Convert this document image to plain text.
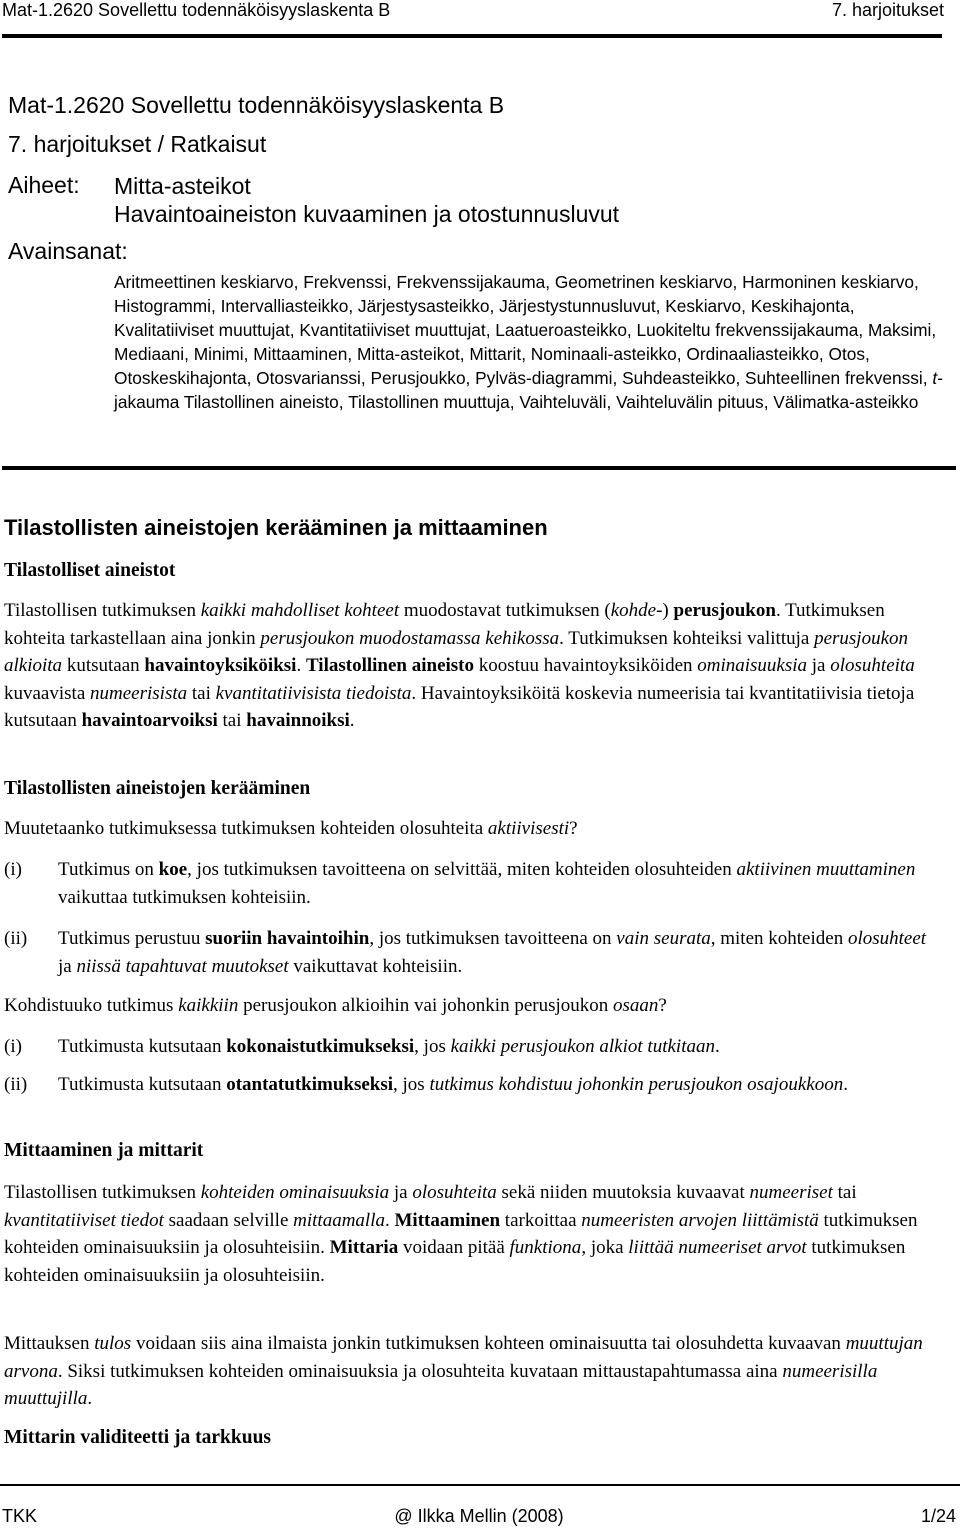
Mat-1.2620 Sovellettu todennäköisyyslaskenta B	7. harjoitukset
Mat-1.2620 Sovellettu todennäköisyyslaskenta B
7. harjoitukset / Ratkaisut
Aiheet: Mitta-asteikot
Havaintoaineiston kuvaaminen ja otostunnusluvut
Avainsanat:
Aritmeettinen keskiarvo, Frekvenssi, Frekvenssijakauma, Geometrinen keskiarvo, Harmoninen keskiarvo, Histogrammi, Intervalliasteikko, Järjestysasteikko, Järjestystunnusluvut, Keskiarvo, Keskihajonta, Kvalitatiiviset muuttujat, Kvantitatiiviset muuttujat, Laatueroasteikko, Luokiteltu frekvenssijakauma, Maksimi, Mediaani, Minimi, Mittaaminen, Mitta-asteikot, Mittarit, Nominaali-asteikko, Ordinaaliasteikko, Otos, Otoskeskihajonta, Otosvarianssi, Perusjoukko, Pylväs-diagrammi, Suhdeasteikko, Suhteellinen frekvenssi, t-jakauma Tilastollinen aineisto, Tilastollinen muuttuja, Vaihteluväli, Vaihteluvälin pituus, Välimatka-asteikko
Tilastollisten aineistojen kerääminen ja mittaaminen
Tilastolliset aineistot
Tilastollisen tutkimuksen kaikki mahdolliset kohteet muodostavat tutkimuksen (kohde-) perusjoukon. Tutkimuksen kohteita tarkastellaan aina jonkin perusjoukon muodostamassa kehikossa. Tutkimuksen kohteiksi valittuja perusjoukon alkioita kutsutaan havaintoyksiköiksi. Tilastollinen aineisto koostuu havaintoyksiköiden ominaisuuksia ja olosuhteita kuvaavista numeerisista tai kvantitatiivisista tiedoista. Havaintoyksiköitä koskevia numeerisia tai kvantitatiivisia tietoja kutsutaan havaintoarvoiksi tai havainnoiksi.
Tilastollisten aineistojen kerääminen
Muutetaanko tutkimuksessa tutkimuksen kohteiden olosuhteita aktiivisesti?
(i) Tutkimus on koe, jos tutkimuksen tavoitteena on selvittää, miten kohteiden olosuhteiden aktiivinen muuttaminen vaikuttaa tutkimuksen kohteisiin.
(ii) Tutkimus perustuu suoriin havaintoihin, jos tutkimuksen tavoitteena on vain seurata, miten kohteiden olosuhteet ja niissä tapahtuvat muutokset vaikuttavat kohteisiin.
Kohdistuuko tutkimus kaikkiin perusjoukon alkioihin vai johonkin perusjoukon osaan?
(i) Tutkimusta kutsutaan kokonaistutkimukseksi, jos kaikki perusjoukon alkiot tutkitaan.
(ii) Tutkimusta kutsutaan otantatutkimukseksi, jos tutkimus kohdistuu johonkin perusjoukon osajoukkoon.
Mittaaminen ja mittarit
Tilastollisen tutkimuksen kohteiden ominaisuuksia ja olosuhteita sekä niiden muutoksia kuvaavat numeeriset tai kvantitatiiviset tiedot saadaan selville mittaamalla. Mittaaminen tarkoittaa numeeristen arvojen liittämistä tutkimuksen kohteiden ominaisuuksiin ja olosuhteisiin. Mittaria voidaan pitää funktiona, joka liittää numeeriset arvot tutkimuksen kohteiden ominaisuuksiin ja olosuhteisiin.
Mittauksen tulos voidaan siis aina ilmaista jonkin tutkimuksen kohteen ominaisuutta tai olosuhdetta kuvaavan muuttujan arvona. Siksi tutkimuksen kohteiden ominaisuuksia ja olosuhteita kuvataan mittaustapahtumassa aina numeerisilla muuttujilla.
Mittarin validiteetti ja tarkkuus
TKK	@ Ilkka Mellin (2008)	1/24
